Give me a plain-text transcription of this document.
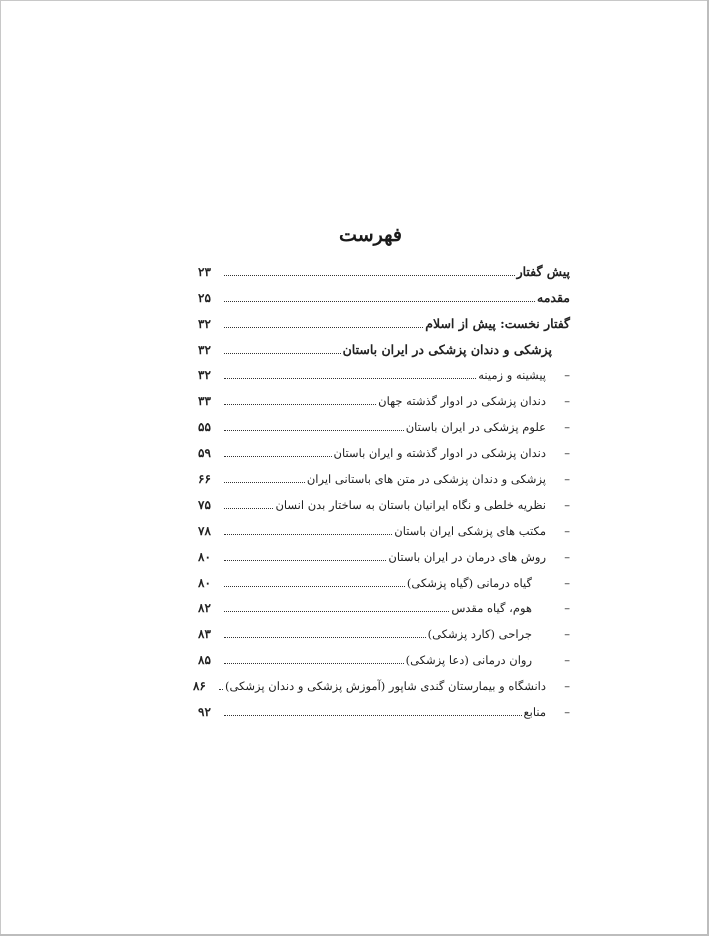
فهرست
پیش گفتار
۲۳
مقدمه
۲۵
گفتار نخست: پیش از اسلام
۳۲
پزشکی و دندان پزشکی در ایران باستان
۳۲
–
پیشینه و زمینه
۳۲
–
دندان پزشکی در ادوار گذشته جهان
۳۳
–
علوم پزشکی در ایران باستان
۵۵
–
دندان پزشکی در ادوار گذشته و ایران باستان
۵۹
–
پزشکی و دندان پزشکی در متن های باستانی ایران
۶۶
–
نظریه خلطی و نگاه ایرانیان باستان به ساختار بدن انسان
۷۵
–
مکتب های پزشکی ایران باستان
۷۸
–
روش های درمان در ایران باستان
۸۰
–
گیاه درمانی (گیاه پزشکی)
۸۰
–
هوم، گیاه مقدس
۸۲
–
جراحی (کارد پزشکی)
۸۳
–
روان درمانی (دعا پزشکی)
۸۵
–
دانشگاه و بیمارستان گندی شاپور (آموزش پزشکی و دندان پزشکی)
۸۶
–
منابع
۹۲
